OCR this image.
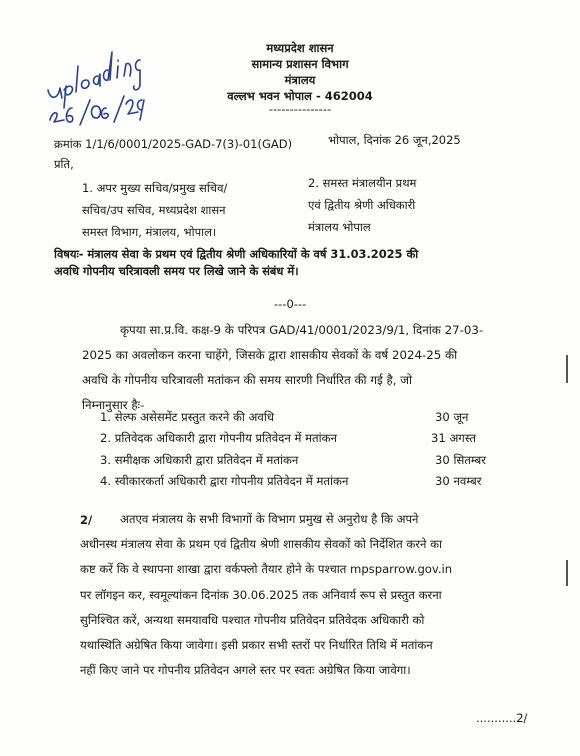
मध्यप्रदेश शासन
सामान्य प्रशासन विभाग
मंत्रालय
वल्लभ भवन भोपाल - 462004
---------------
क्रमांक 1/1/6/0001/2025-GAD-7(3)-01(GAD)	भोपाल, दिनांक 26 जून,2025
प्रति,
1. अपर मुख्य सचिव/प्रमुख सचिव/
सचिव/उप सचिव, मध्यप्रदेश शासन
समस्त विभाग, मंत्रालय, भोपाल।
2. समस्त मंत्रालयीन प्रथम
एवं द्वितीय श्रेणी अधिकारी
मंत्रालय भोपाल
विषयः- मंत्रालय सेवा के प्रथम एवं द्वितीय श्रेणी अधिकारियों के वर्ष 31.03.2025 की
अवधि गोपनीय चरित्रावली समय पर लिखे जाने के संबंध में।
---0---
कृपया सा.प्र.वि. कक्ष-9 के परिपत्र GAD/41/0001/2023/9/1, दिनांक 27-03-
2025 का अवलोकन करना चाहेंगे, जिसके द्वारा शासकीय सेवकों के वर्ष 2024-25 की
अवधि के गोपनीय चरित्रावली मतांकन की समय सारणी निर्धारित की गई है, जो
निम्नानुसार हैः-
1. सेल्फ असेसमेंट प्रस्तुत करने की अवधि	30 जून
2. प्रतिवेदक अधिकारी द्वारा गोपनीय प्रतिवेदन में मतांकन	31 अगस्त
3. समीक्षक अधिकारी द्वारा प्रतिवेदन में मतांकन	30 सितम्बर
4. स्वीकारकर्ता अधिकारी द्वारा गोपनीय प्रतिवेदन में मतांकन	30 नवम्बर
2/	अतएव मंत्रालय के सभी विभागों के विभाग प्रमुख से अनुरोध है कि अपने
अधीनस्थ मंत्रालय सेवा के प्रथम एवं द्वितीय श्रेणी शासकीय सेवकों को निर्देशित करने का
कष्ट करें कि वे स्थापना शाखा द्वारा वर्कफ्लो तैयार होने के पश्चात mpsparrow.gov.in
पर लॉगइन कर, स्वमूल्यांकन दिनांक 30.06.2025 तक अनिवार्य रूप से प्रस्तुत करना
सुनिश्चित करें, अन्यथा समयावधि पश्चात गोपनीय प्रतिवेदन प्रतिवेदक अधिकारी को
यथास्थिति अग्रेषित किया जावेगा। इसी प्रकार सभी स्तरों पर निर्धारित तिथि में मतांकन
नहीं किए जाने पर गोपनीय प्रतिवेदन अगले स्तर पर स्वतः अग्रेषित किया जावेगा।
...........2/
